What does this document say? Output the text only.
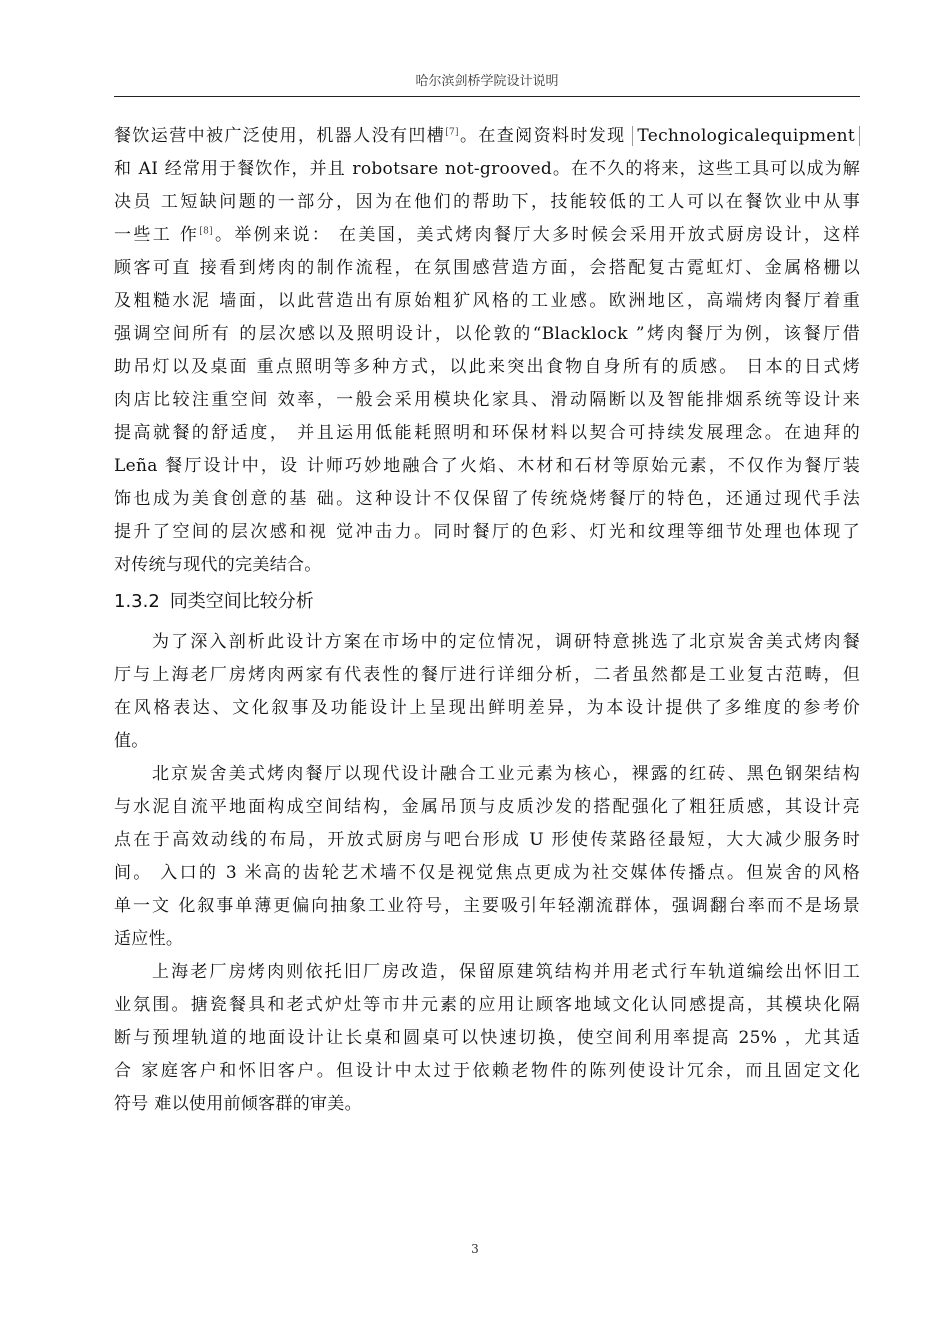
哈尔滨剑桥学院设计说明
餐饮运营中被广泛使用，机器人没有凹槽[7]。在查阅资料时发现 Technologicalequipment
和 AI 经常用于餐饮作，并且 robotsare not-grooved。在不久的将来，这些工具可以成为解
决员 工短缺问题的一部分，因为在他们的帮助下，技能较低的工人可以在餐饮业中从事
一些工 作[8]。举例来说： 在美国，美式烤肉餐厅大多时候会采用开放式厨房设计，这样
顾客可直 接看到烤肉的制作流程，在氛围感营造方面，会搭配复古霓虹灯、金属格栅以
及粗糙水泥 墙面，以此营造出有原始粗犷风格的工业感。欧洲地区，高端烤肉餐厅着重
强调空间所有 的层次感以及照明设计，以伦敦的“Blacklock ”烤肉餐厅为例，该餐厅借
助吊灯以及桌面 重点照明等多种方式，以此来突出食物自身所有的质感。 日本的日式烤
肉店比较注重空间 效率，一般会采用模块化家具、滑动隔断以及智能排烟系统等设计来
提高就餐的舒适度， 并且运用低能耗照明和环保材料以契合可持续发展理念。在迪拜的
Leña 餐厅设计中，设 计师巧妙地融合了火焰、木材和石材等原始元素，不仅作为餐厅装
饰也成为美食创意的基 础。这种设计不仅保留了传统烧烤餐厅的特色，还通过现代手法
提升了空间的层次感和视 觉冲击力。同时餐厅的色彩、灯光和纹理等细节处理也体现了
对传统与现代的完美结合。
1.3.2 同类空间比较分析
为了深入剖析此设计方案在市场中的定位情况，调研特意挑选了北京炭舍美式烤肉餐
厅与上海老厂房烤肉两家有代表性的餐厅进行详细分析，二者虽然都是工业复古范畴，但
在风格表达、文化叙事及功能设计上呈现出鲜明差异，为本设计提供了多维度的参考价
值。
北京炭舍美式烤肉餐厅以现代设计融合工业元素为核心，裸露的红砖、黑色钢架结构
与水泥自流平地面构成空间结构，金属吊顶与皮质沙发的搭配强化了粗狂质感，其设计亮
点在于高效动线的布局，开放式厨房与吧台形成 U 形使传菜路径最短，大大减少服务时
间。 入口的 3 米高的齿轮艺术墙不仅是视觉焦点更成为社交媒体传播点。但炭舍的风格
单一文 化叙事单薄更偏向抽象工业符号，主要吸引年轻潮流群体，强调翻台率而不是场景
适应性。
上海老厂房烤肉则依托旧厂房改造，保留原建筑结构并用老式行车轨道编绘出怀旧工
业氛围。搪瓷餐具和老式炉灶等市井元素的应用让顾客地域文化认同感提高，其模块化隔
断与预埋轨道的地面设计让长桌和圆桌可以快速切换，使空间利用率提高 25% ，尤其适
合 家庭客户和怀旧客户。但设计中太过于依赖老物件的陈列使设计冗余，而且固定文化
符号 难以使用前倾客群的审美。
3
